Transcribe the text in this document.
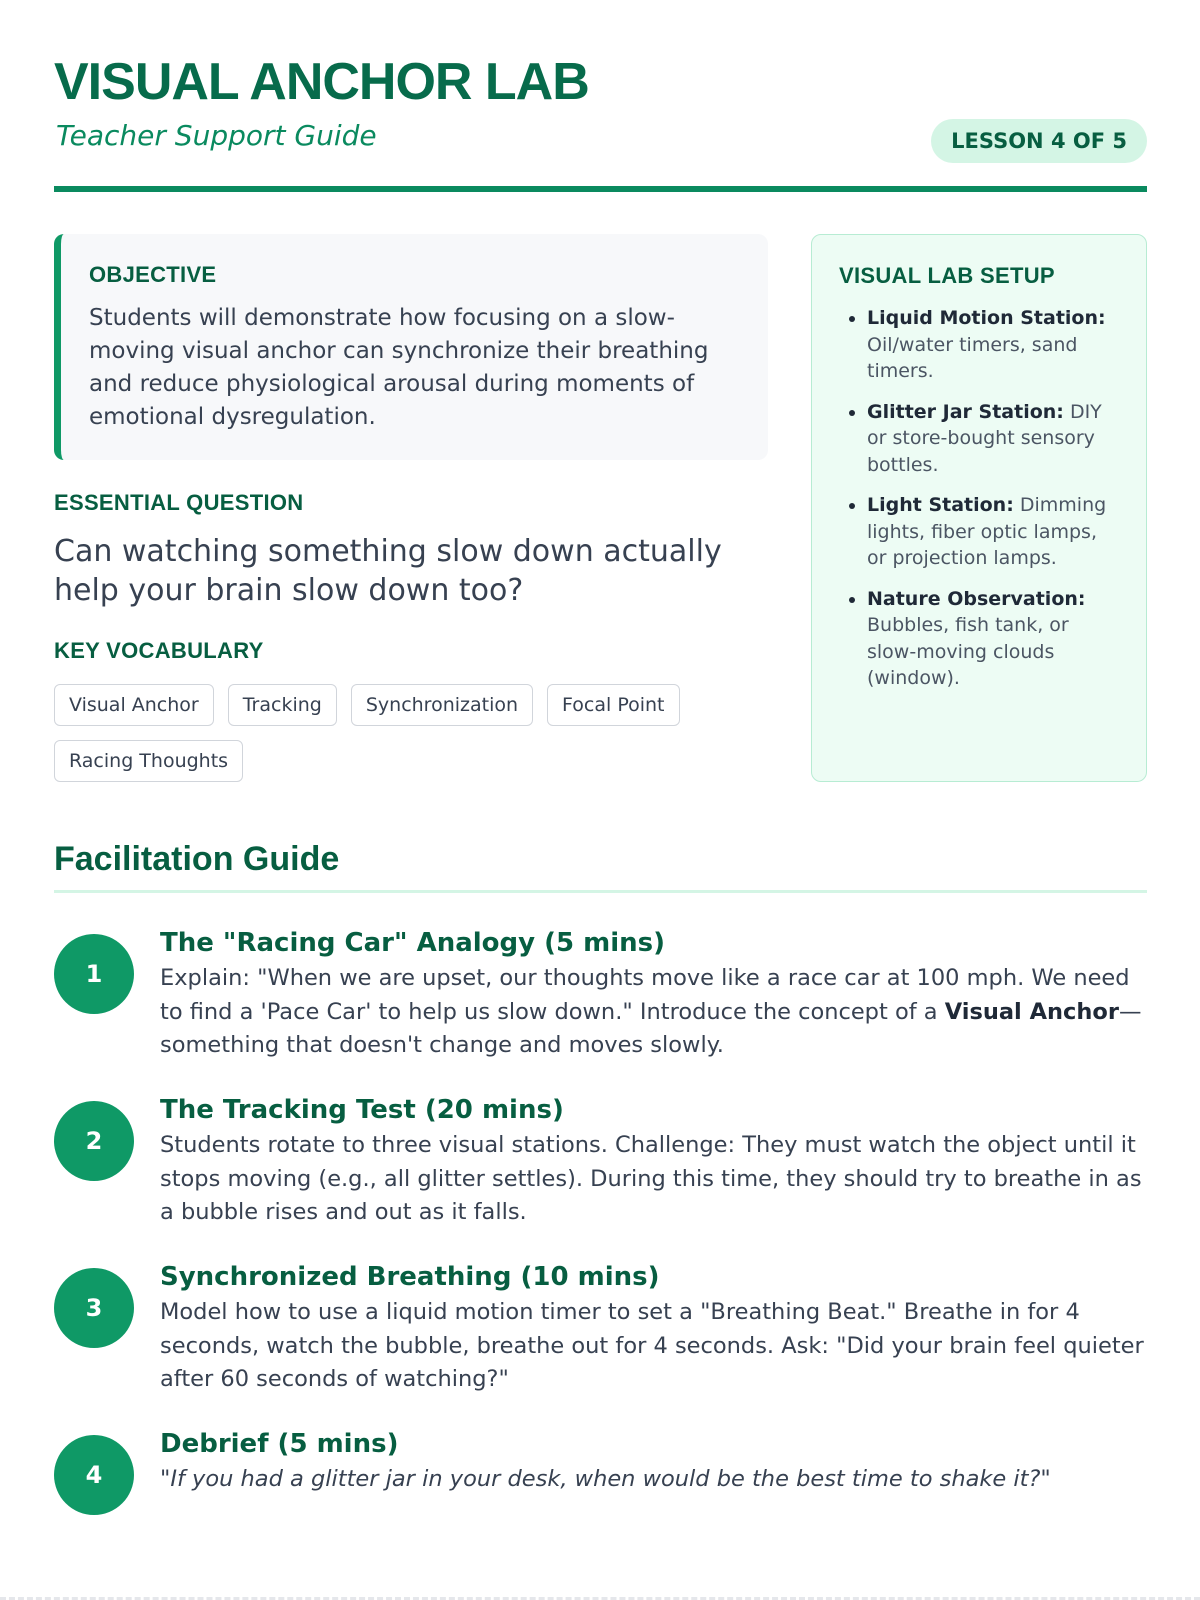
VISUAL ANCHOR LAB
Teacher Support Guide	LESSON 4 OF 5
OBJECTIVE
Students will demonstrate how focusing on a slow-moving visual anchor can synchronize their breathing and reduce physiological arousal during moments of emotional dysregulation.
ESSENTIAL QUESTION
Can watching something slow down actually help your brain slow down too?
KEY VOCABULARY
Visual Anchor	Tracking	Synchronization	Focal Point
Racing Thoughts
VISUAL LAB SETUP
• Liquid Motion Station: Oil/water timers, sand timers.
• Glitter Jar Station: DIY or store-bought sensory bottles.
• Light Station: Dimming lights, fiber optic lamps, or projection lamps.
• Nature Observation: Bubbles, fish tank, or slow-moving clouds (window).
Facilitation Guide
1
The "Racing Car" Analogy (5 mins)
Explain: "When we are upset, our thoughts move like a race car at 100 mph. We need to find a 'Pace Car' to help us slow down." Introduce the concept of a Visual Anchor—something that doesn't change and moves slowly.
2
The Tracking Test (20 mins)
Students rotate to three visual stations. Challenge: They must watch the object until it stops moving (e.g., all glitter settles). During this time, they should try to breathe in as a bubble rises and out as it falls.
3
Synchronized Breathing (10 mins)
Model how to use a liquid motion timer to set a "Breathing Beat." Breathe in for 4 seconds, watch the bubble, breathe out for 4 seconds. Ask: "Did your brain feel quieter after 60 seconds of watching?"
4
Debrief (5 mins)
"If you had a glitter jar in your desk, when would be the best time to shake it?"
